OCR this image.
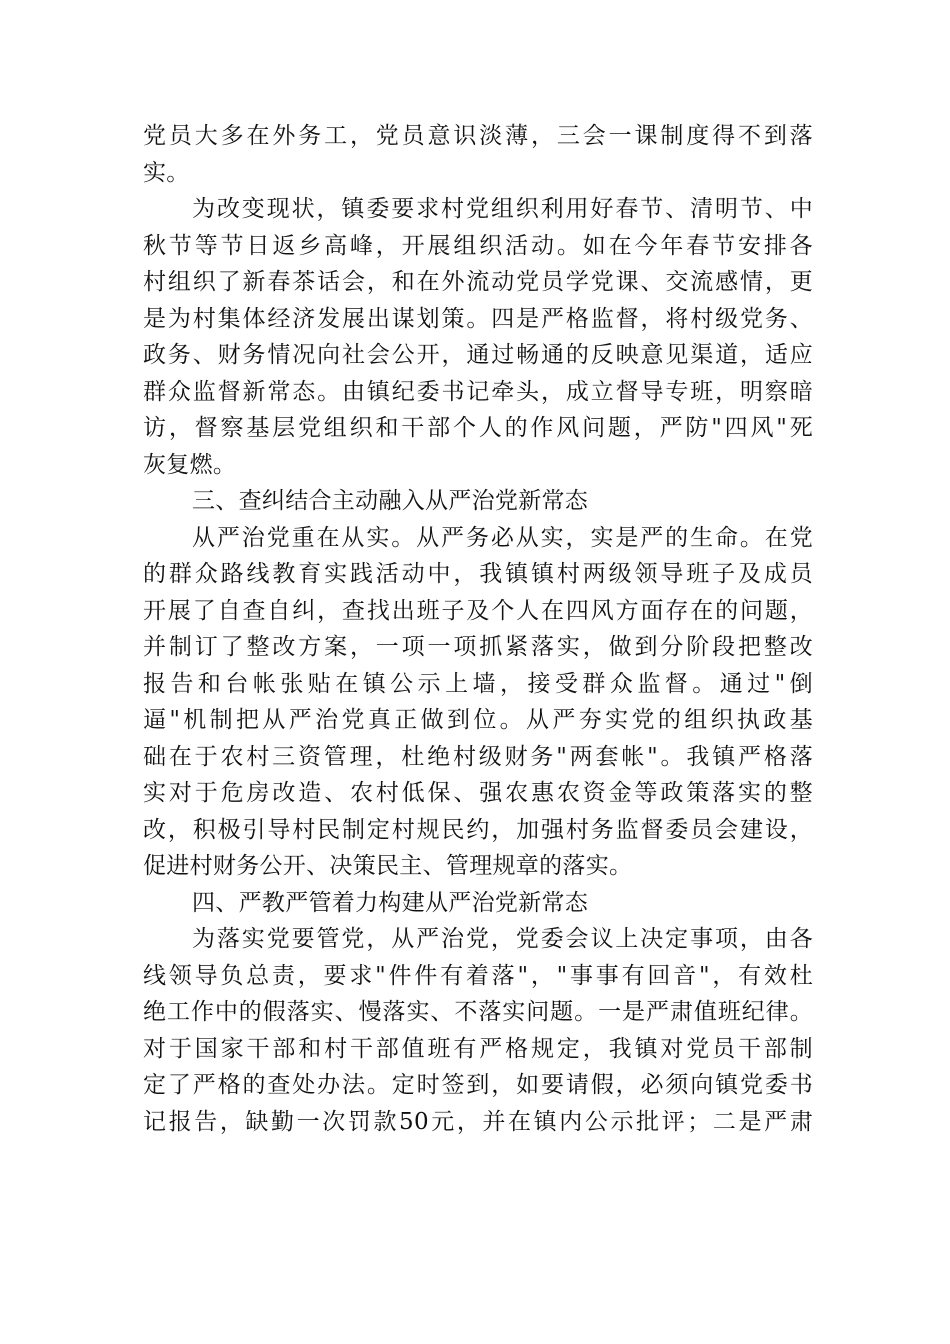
党员大多在外务工，党员意识淡薄，三会一课制度得不到落
实。
为改变现状，镇委要求村党组织利用好春节、清明节、中
秋节等节日返乡高峰，开展组织活动。如在今年春节安排各
村组织了新春茶话会，和在外流动党员学党课、交流感情，更
是为村集体经济发展出谋划策。四是严格监督，将村级党务、
政务、财务情况向社会公开，通过畅通的反映意见渠道，适应
群众监督新常态。由镇纪委书记牵头，成立督导专班，明察暗
访，督察基层党组织和干部个人的作风问题，严防"四风"死
灰复燃。
三、查纠结合主动融入从严治党新常态
从严治党重在从实。从严务必从实，实是严的生命。在党
的群众路线教育实践活动中，我镇镇村两级领导班子及成员
开展了自查自纠，查找出班子及个人在四风方面存在的问题，
并制订了整改方案，一项一项抓紧落实，做到分阶段把整改
报告和台帐张贴在镇公示上墙，接受群众监督。通过"倒
逼"机制把从严治党真正做到位。从严夯实党的组织执政基
础在于农村三资管理，杜绝村级财务"两套帐"。我镇严格落
实对于危房改造、农村低保、强农惠农资金等政策落实的整
改，积极引导村民制定村规民约，加强村务监督委员会建设，
促进村财务公开、决策民主、管理规章的落实。
四、严教严管着力构建从严治党新常态
为落实党要管党，从严治党，党委会议上决定事项，由各
线领导负总责，要求"件件有着落"，"事事有回音"，有效杜
绝工作中的假落实、慢落实、不落实问题。一是严肃值班纪律。
对于国家干部和村干部值班有严格规定，我镇对党员干部制
定了严格的查处办法。定时签到，如要请假，必须向镇党委书
记报告，缺勤一次罚款50元，并在镇内公示批评；二是严肃
